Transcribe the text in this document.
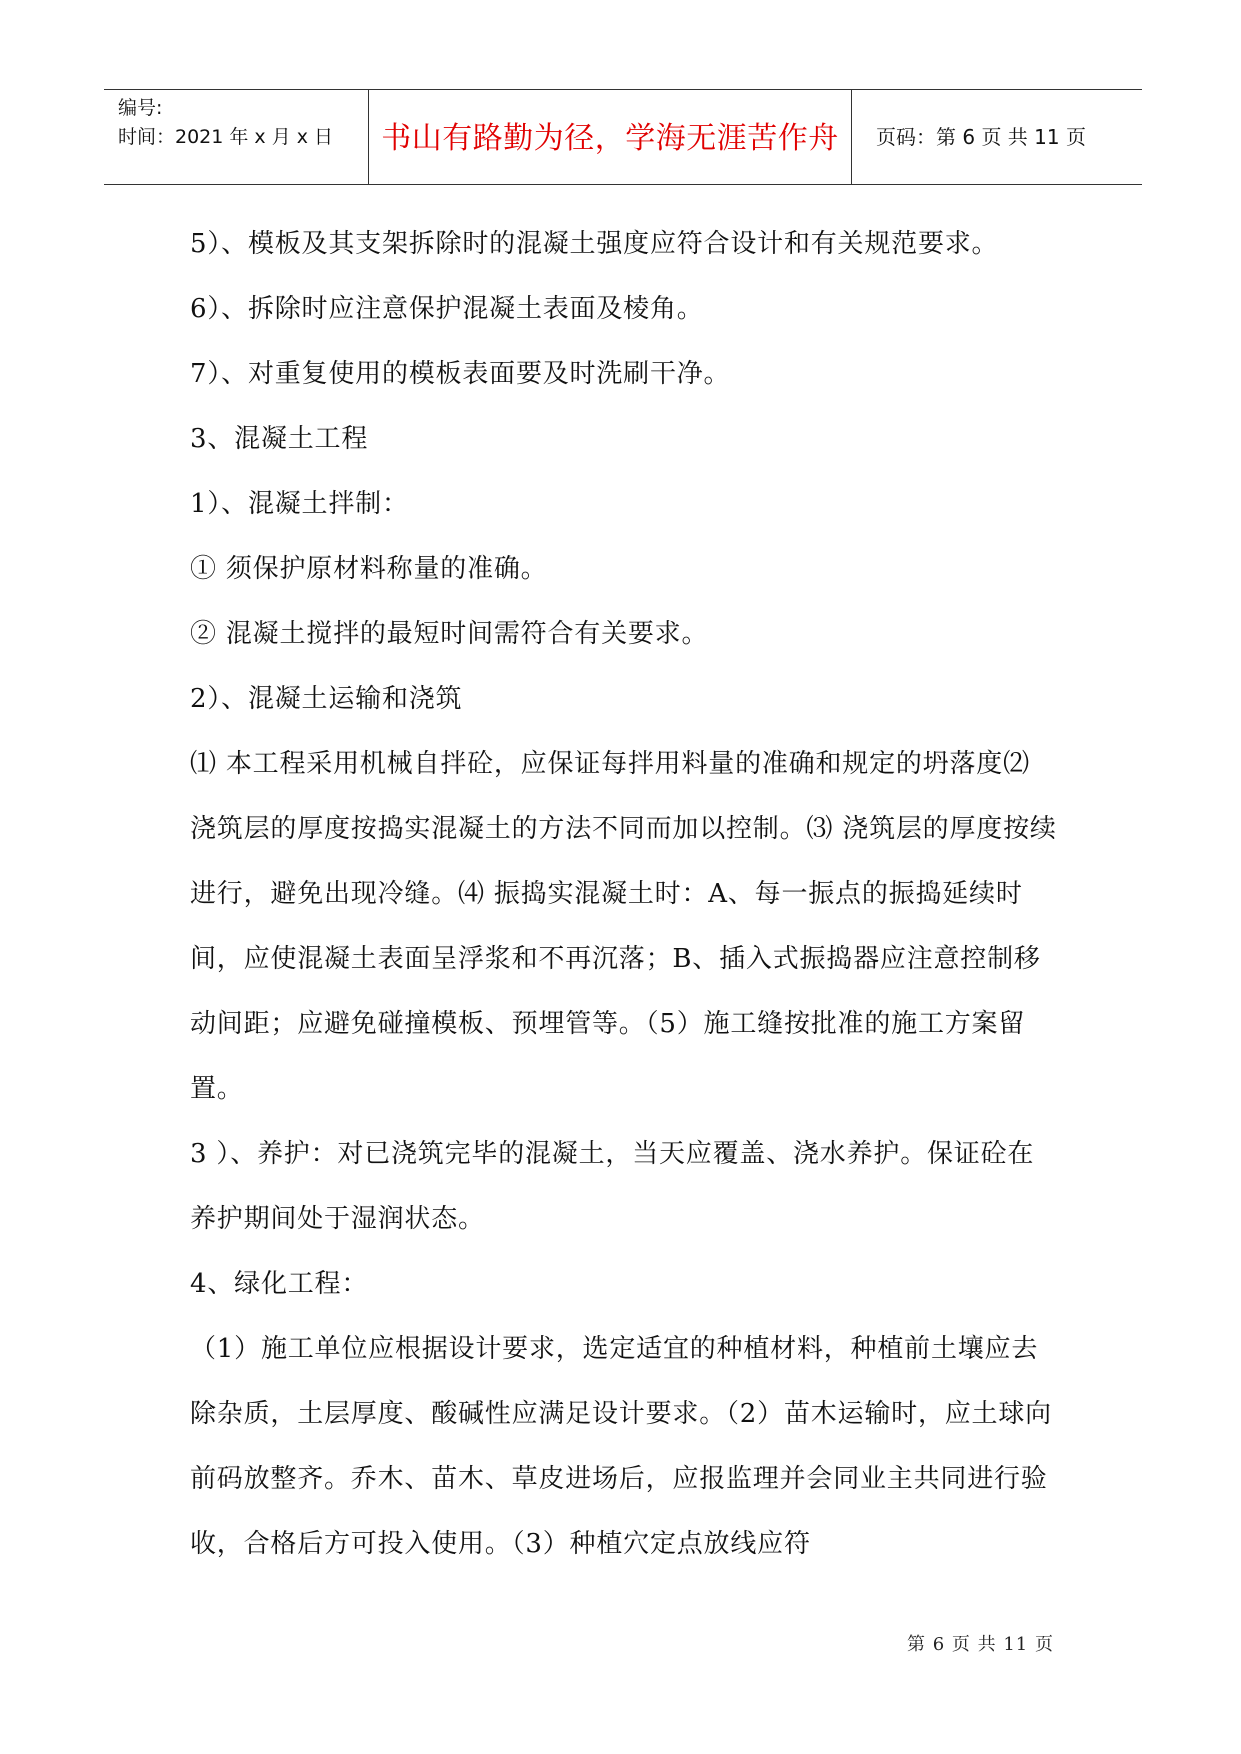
编号:
时间：2021 年 x 月 x 日 书山有路勤为径，学海无涯苦作舟 页码：第 6 页 共 11 页

5）、模板及其支架拆除时的混凝土强度应符合设计和有关规范要求。

6）、拆除时应注意保护混凝土表面及棱角。

7）、对重复使用的模板表面要及时洗刷干净。

3、混凝土工程

1）、混凝土拌制：

① 须保护原材料称量的准确。

② 混凝土搅拌的最短时间需符合有关要求。

2）、混凝土运输和浇筑

⑴ 本工程采用机械自拌砼，应保证每拌用料量的准确和规定的坍落度⑵ 浇筑层的厚度按捣实混凝土的方法不同而加以控制。⑶ 浇筑层的厚度按续进行，避免出现冷缝。⑷ 振捣实混凝土时：A、每一振点的振捣延续时间，应使混凝土表面呈浮浆和不再沉落；B、插入式振捣器应注意控制移动间距；应避免碰撞模板、预埋管等。（5）施工缝按批准的施工方案留置。

3 ）、养护：对已浇筑完毕的混凝土，当天应覆盖、浇水养护。保证砼在养护期间处于湿润状态。

4、绿化工程：

（1）施工单位应根据设计要求，选定适宜的种植材料，种植前土壤应去除杂质，土层厚度、酸碱性应满足设计要求。（2）苗木运输时，应土球向前码放整齐。乔木、苗木、草皮进场后，应报监理并会同业主共同进行验收，合格后方可投入使用。（3）种植穴定点放线应符

第 6 页 共 11 页
